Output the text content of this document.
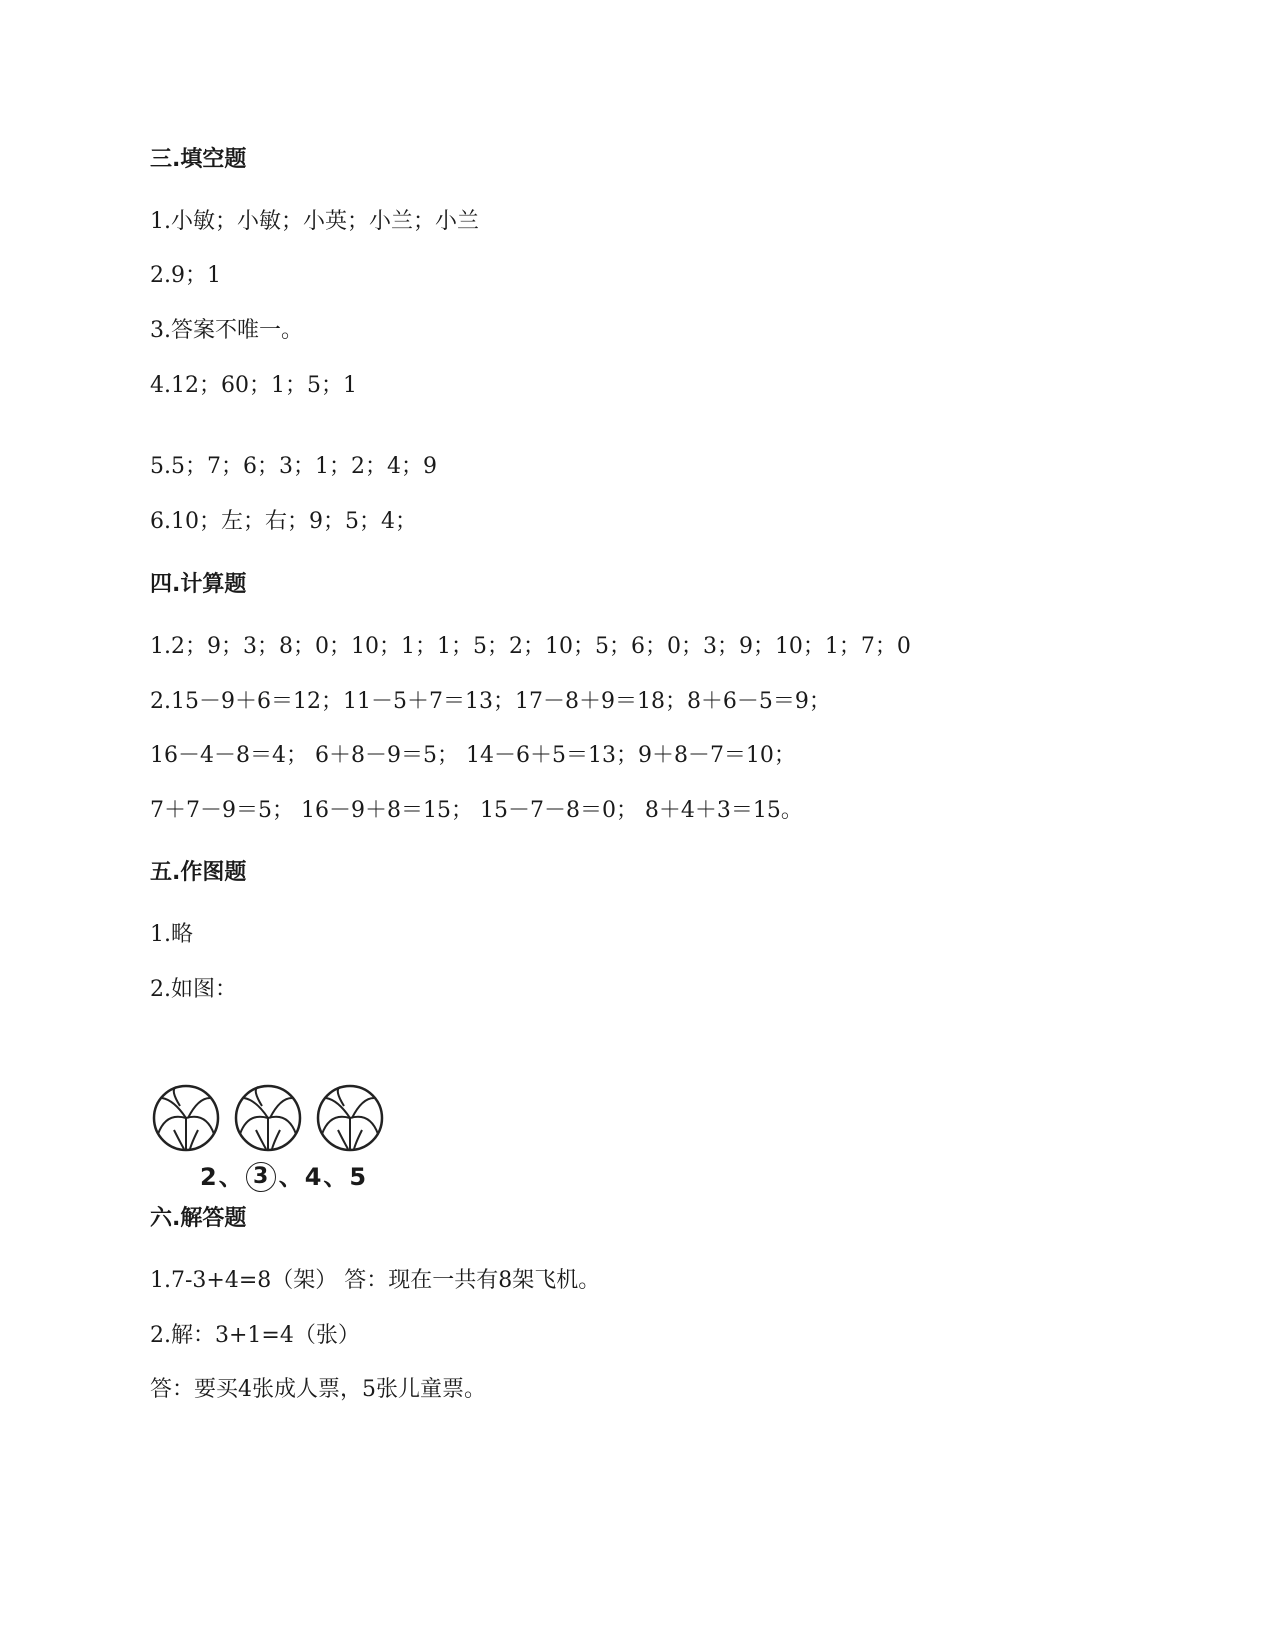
三.填空题
1.小敏；小敏；小英；小兰；小兰
2.9；1
3.答案不唯一。
4.12；60；1；5；1
5.5；7；6；3；1；2；4；9
6.10；左；右；9；5；4；
四.计算题
1.2；9；3；8；0；10；1；1；5；2；10；5；6；0；3；9；10；1；7；0
2.15－9＋6＝12；11－5＋7＝13；17－8＋9＝18；8＋6－5＝9；
16－4－8＝4； 6＋8－9＝5； 14－6＋5＝13；9＋8－7＝10；
7＋7－9＝5； 16－9＋8＝15； 15－7－8＝0； 8＋4＋3＝15。
五.作图题
1.略
2.如图：
2 、 3 、 4 、 5
六.解答题
1.7-3+4=8（架） 答：现在一共有8架飞机。
2.解：3+1=4（张）
答：要买4张成人票，5张儿童票。
